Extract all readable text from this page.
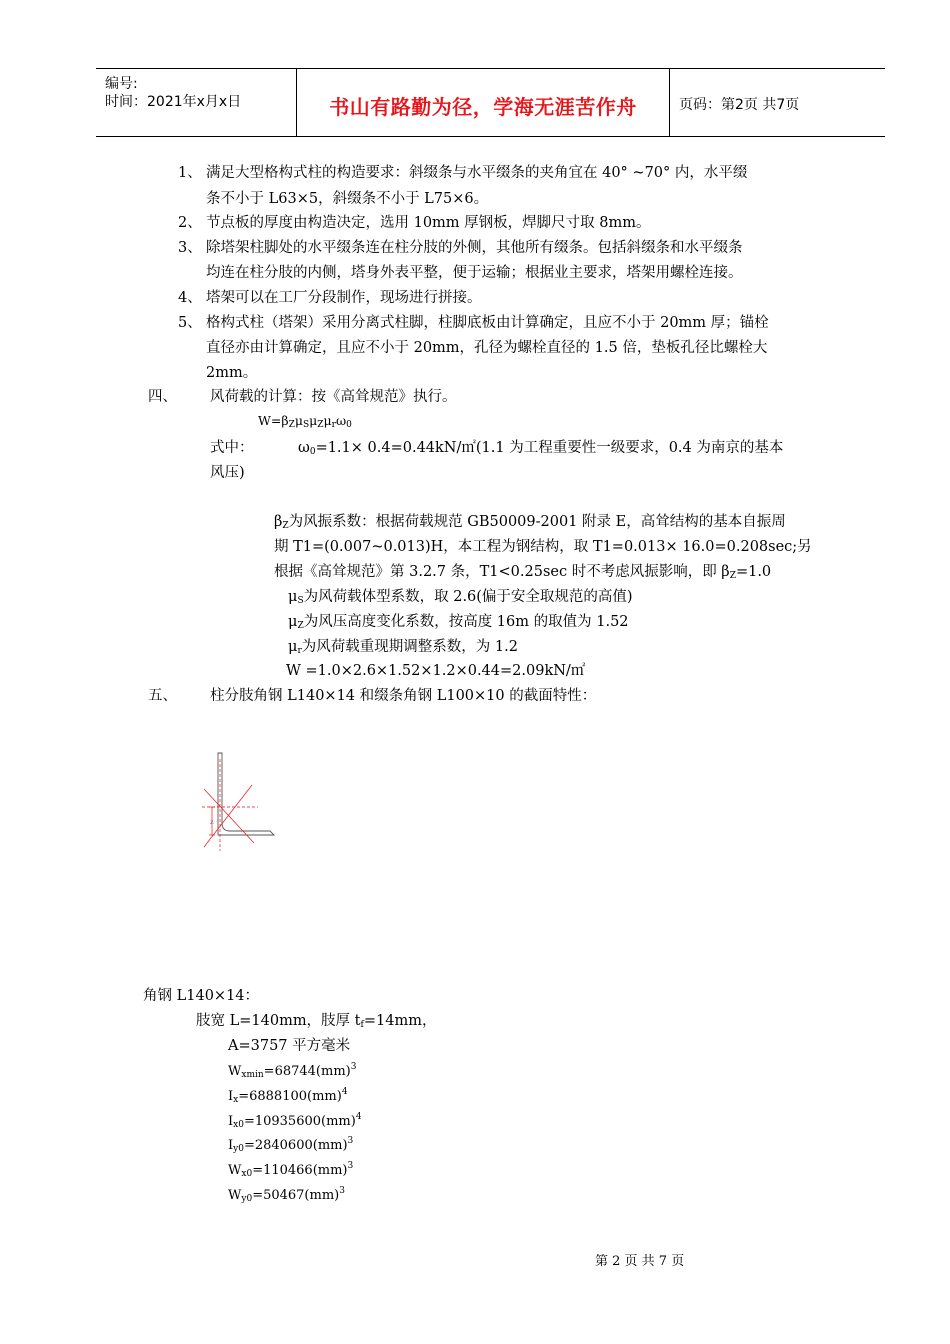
编号:
时间：2021年x月x日	书山有路勤为径，学海无涯苦作舟	页码：第2页 共7页
1、 满足大型格构式柱的构造要求：斜缀条与水平缀条的夹角宜在 40° ~70° 内，水平缀
条不小于 L63×5，斜缀条不小于 L75×6。
2、 节点板的厚度由构造决定，选用 10mm 厚钢板，焊脚尺寸取 8mm。
3、 除塔架柱脚处的水平缀条连在柱分肢的外侧，其他所有缀条。包括斜缀条和水平缀条
均连在柱分肢的内侧，塔身外表平整，便于运输；根据业主要求，塔架用螺栓连接。
4、 塔架可以在工厂分段制作，现场进行拼接。
5、 格构式柱（塔架）采用分离式柱脚，柱脚底板由计算确定，且应不小于 20mm 厚；锚栓
直径亦由计算确定，且应不小于 20mm，孔径为螺栓直径的 1.5 倍，垫板孔径比螺栓大
2mm。
四、 风荷载的计算：按《高耸规范》执行。
$W=\beta_Z\mu_S\mu_Z\mu_r\omega_0$
式中：	$\omega_0=1.1\times$ 0.4=0.44kN/㎡(1.1 为工程重要性一级要求，0.4 为南京的基本
风压)
$\beta_Z$为风振系数：根据荷载规范 GB50009-2001 附录 E，高耸结构的基本自振周
期 T1=(0.007~0.013)H，本工程为钢结构，取 T1=0.013× 16.0=0.208sec;另
根据《高耸规范》第 3.2.7 条，T1<0.25sec 时不考虑风振影响，即 $\beta_Z=1.0$
$\mu_S$为风荷载体型系数，取 2.6(偏于安全取规范的高值)
$\mu_Z$为风压高度变化系数，按高度 16m 的取值为 1.52
$\mu_r$为风荷载重现期调整系数，为 1.2
W =1.0×2.6×1.52×1.2×0.44=2.09kN/㎡
五、 柱分肢角钢 L140×14 和缀条角钢 L100×10 的截面特性：
Z
角钢 L140×14：
肢宽 L=140mm，肢厚 $t_f=14mm$，
A=3757 平方毫米
$W_{xmin}=68744(mm)^3$
$I_x=6888100(mm)^4$
$I_{x0}=10935600(mm)^4$
$I_{y0}=2840600(mm)^3$
$W_{x0}=110466(mm)^3$
$W_{y0}=50467(mm)^3$
第 2 页 共 7 页
